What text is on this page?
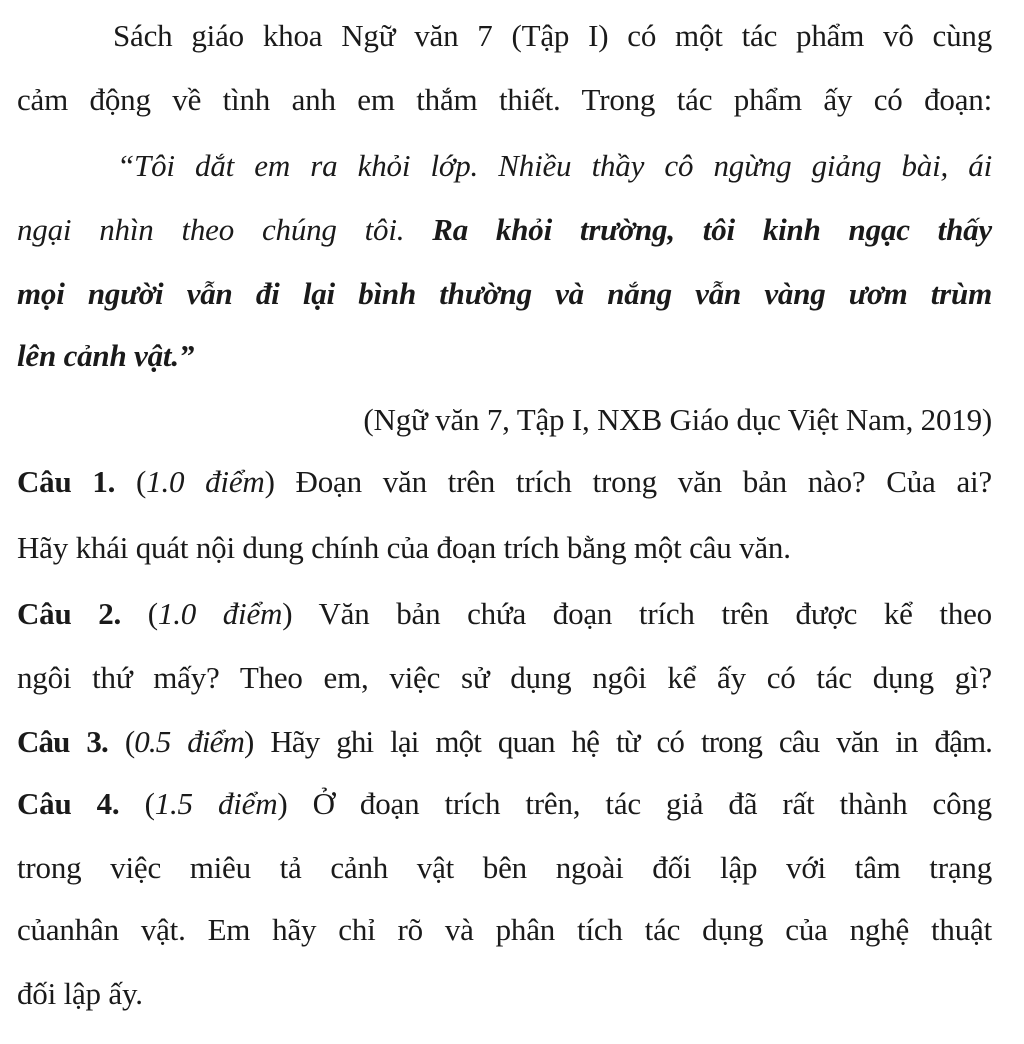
Sách giáo khoa Ngữ văn 7 (Tập I) có một tác phẩm vô cùng
cảm động về tình anh em thắm thiết. Trong tác phẩm ấy có đoạn:
“Tôi dắt em ra khỏi lớp. Nhiều thầy cô ngừng giảng bài, ái
ngại nhìn theo chúng tôi. Ra khỏi trường, tôi kinh ngạc thấy
mọi người vẫn đi lại bình thường và nắng vẫn vàng ươm trùm
lên cảnh vật.”
(Ngữ văn 7, Tập I, NXB Giáo dục Việt Nam, 2019)
Câu 1. (1.0 điểm) Đoạn văn trên trích trong văn bản nào? Của ai?
Hãy khái quát nội dung chính của đoạn trích bằng một câu văn.
Câu 2. (1.0 điểm) Văn bản chứa đoạn trích trên được kể theo
ngôi thứ mấy? Theo em, việc sử dụng ngôi kể ấy có tác dụng gì?
Câu 3. (0.5 điểm) Hãy ghi lại một quan hệ từ có trong câu văn in đậm.
Câu 4. (1.5 điểm) Ở đoạn trích trên, tác giả đã rất thành công
trong việc miêu tả cảnh vật bên ngoài đối lập với tâm trạng
củanhân vật. Em hãy chỉ rõ và phân tích tác dụng của nghệ thuật
đối lập ấy.
